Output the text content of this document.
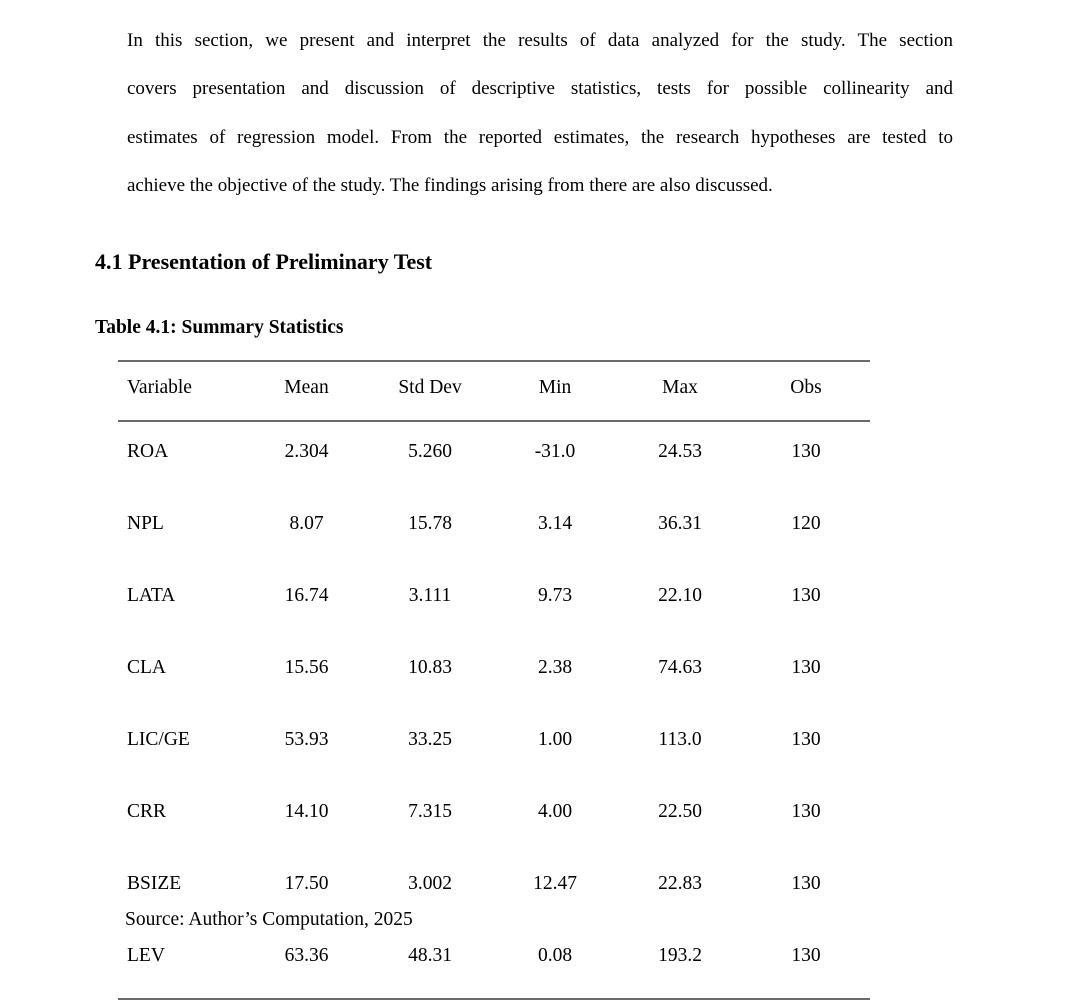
In this section, we present and interpret the results of data analyzed for the study. The section
covers presentation and discussion of descriptive statistics, tests for possible collinearity and
estimates of regression model. From the reported estimates, the research hypotheses are tested to
achieve the objective of the study. The findings arising from there are also discussed.
4.1 Presentation of Preliminary Test
Table 4.1: Summary Statistics
Variable	Mean	Std Dev	Min	Max	Obs
ROA	2.304	5.260	-31.0	24.53	130
NPL	8.07	15.78	3.14	36.31	120
LATA	16.74	3.111	9.73	22.10	130
CLA	15.56	10.83	2.38	74.63	130
LIC/GE	53.93	33.25	1.00	113.0	130
CRR	14.10	7.315	4.00	22.50	130
BSIZE	17.50	3.002	12.47	22.83	130
LEV	63.36	48.31	0.08	193.2	130
Source: Author’s Computation, 2025
